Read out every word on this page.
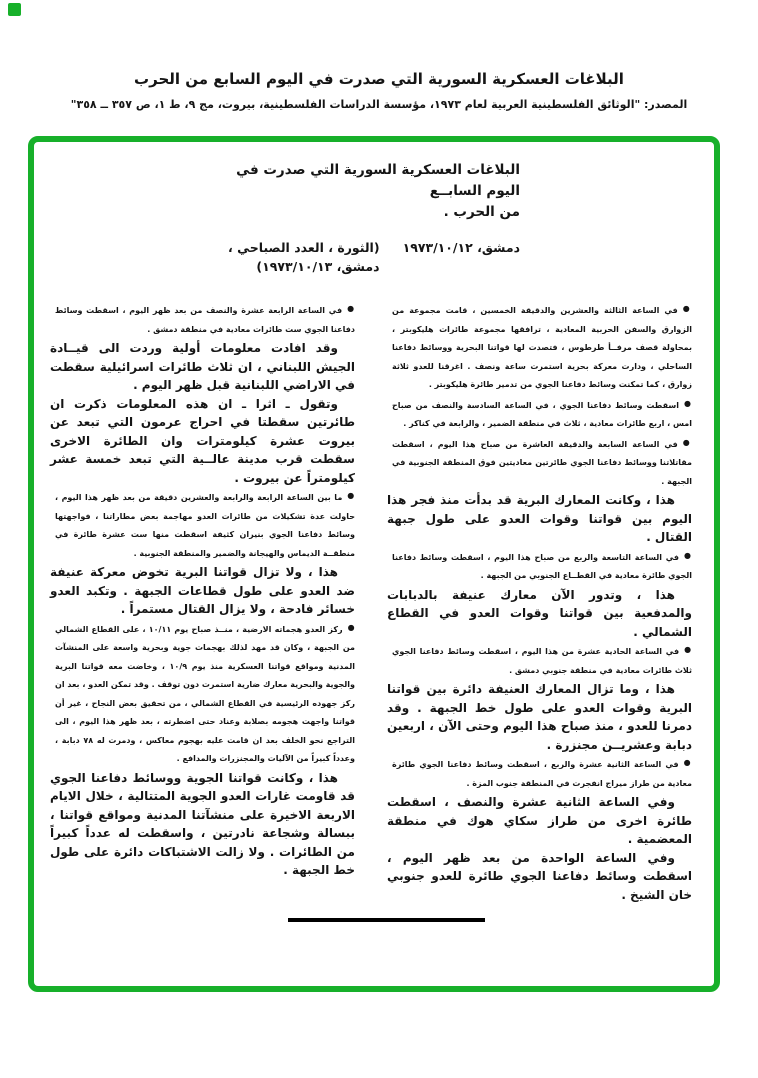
البلاغات العسكرية السورية التي صدرت في اليوم السابع من الحرب
المصدر: "الوثائق الفلسطينية العربية لعام ١٩٧٣، مؤسسة الدراسات الفلسطينية، بيروت، مج ٩، ط ١، ص ٣٥٧ ــ ٣٥٨"
البلاغات العسكرية السورية التي صدرت في اليوم السابــع
من الحرب .
دمشق، ١٩٧٣/١٠/١٢
(الثورة ، العدد الصباحي ،
دمشق، ١٩٧٣/١٠/١٣)

●في الساعة الثالثة والعشرين والدقيقة الخمسين ، قامت مجموعة من الزوارق والسفن الحربية المعادية ، ترافقها مجموعة طائرات هليكوبتر ، بمحاولة قصف مرفــأ طرطوس ، فتصدت لها قواتنا البحرية ووسائط دفاعنا الساحلي ، ودارت معركة بحرية استمرت ساعة ونصف . اغرقنا للعدو ثلاثة زوارق ، كما تمكنت وسائط دفاعنا الجوي من تدمير طائرة هليكوبتر .

●اسقطت وسائط دفاعنا الجوي ، في الساعة السادسة والنصف من صباح امس ، اربع طائرات معادية ، ثلاث في منطقة الضمير ، والرابعة في كناكر .

●في الساعة السابعة والدقيقة العاشرة من صباح هذا اليوم ، اسقطت مقاتلاتنا ووسائط دفاعنا الجوي طائرتين معاديتين فوق المنطقة الجنوبية في الجبهة .

هذا ، وكانت المعارك البرية قد بدأت منذ فجر هذا اليوم بين قواتنا وقوات العدو على طول جبهة القتال .

●في الساعة التاسعة والربع من صباح هذا اليوم ، اسقطت وسائط دفاعنا الجوي طائرة معادية في القطــاع الجنوبي من الجبهة .

هذا ، وتدور الآن معارك عنيفة بالدبابات والمدفعية بين قواتنا وقوات العدو في القطاع الشمالي .

●في الساعة الحادية عشرة من هذا اليوم ، اسقطت وسائط دفاعنا الجوي ثلاث طائرات معادية في منطقة جنوبي دمشق .

هذا ، وما تزال المعارك العنيفة دائرة بين قواتنا البرية وقوات العدو على طول خط الجبهة . وقد دمرنا للعدو ، منذ صباح هذا اليوم وحتى الآن ، اربعين دبابة وعشريــن مجنزرة .

●في الساعة الثانية عشرة والربع ، اسقطت وسائط دفاعنا الجوي طائرة معادية من طراز ميراج انفجرت في المنطقة جنوب المزة .

وفي الساعة الثانية عشرة والنصف ، اسقطت طائرة اخرى من طراز سكاي هوك في منطقة المعضمية .

وفي الساعة الواحدة من بعد ظهر اليوم ، اسقطت وسائط دفاعنا الجوي طائرة للعدو جنوبي خان الشيخ .

●في الساعة الرابعة عشرة والنصف من بعد ظهر اليوم ، اسقطت وسائط دفاعنا الجوي ست طائرات معادية في منطقة دمشق .

وقد افادت معلومات أولية وردت الى قيــادة الجيش اللبناني ، ان ثلاث طائرات اسرائيلية سقطت في الاراضي اللبنانية قبل ظهر اليوم .

وتقول ـ اثرا ـ ان هذه المعلومات ذكرت ان طائرتين سقطتا في احراج عرمون التي تبعد عن بيروت عشرة كيلومترات وان الطائرة الاخرى سقطت قرب مدينة عالــية التي تبعد خمسة عشر كيلومتراً عن بيروت .

●ما بين الساعة الرابعة والرابعة والعشرين دقيقة من بعد ظهر هذا اليوم ، حاولت عدة تشكيلات من طائرات العدو مهاجمة بعض مطاراتنا ، فواجهتها وسائط دفاعنا الجوي بنيران كثيفة اسقطت منها ست عشرة طائرة في منطقــة الديماس والهيجانة والضمير والمنطقة الجنوبية .

هذا ، ولا تزال قواتنا البرية تخوض معركة عنيفة ضد العدو على طول قطاعات الجبهة . وتكبد العدو خسائر فادحة ، ولا يزال القتال مستمراً .

●ركز العدو هجماته الارضية ، منــذ صباح يوم ١٠/١١ ، على القطاع الشمالي من الجبهة ، وكان قد مهد لذلك بهجمات جوية وبحرية واسعة على المنشآت المدنية ومواقع قواتنا العسكرية منذ يوم ١٠/٩ ، وخاضت معه قواتنا البرية والجوية والبحرية معارك ضارية استمرت دون توقف . وقد تمكن العدو ، بعد ان ركز جهوده الرئيسية في القطاع الشمالي ، من تحقيق بعض النجاح ، غير أن قواتنا واجهت هجومه بصلابة وعناد حتى اضطرته ، بعد ظهر هذا اليوم ، الى التراجع نحو الخلف بعد ان قامت عليه بهجوم معاكس ، ودمرت له ٧٨ دبابة ، وعدداً كبيراً من الآليات والمجنزرات والمدافع .

هذا ، وكانت قواتنا الجوية ووسائط دفاعنا الجوي قد قاومت غارات العدو الجوية المتتالية ، خلال الايام الاربعة الاخيرة على منشآتنا المدنية ومواقع قواتنا ، ببسالة وشجاعة نادرتين ، واسقطت له عدداً كبيراً من الطائرات . ولا زالت الاشتباكات دائرة على طول خط الجبهة .
